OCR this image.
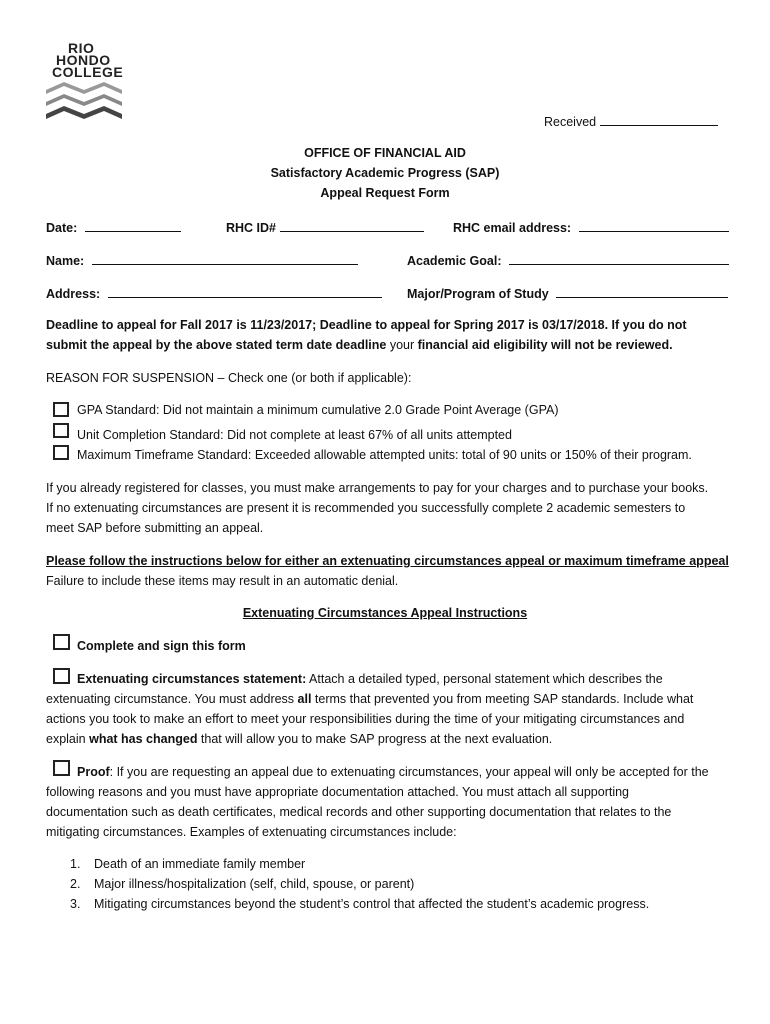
RIO
HONDO
COLLEGE
Received
OFFICE OF FINANCIAL AID
Satisfactory Academic Progress (SAP)
Appeal Request Form
Date:	RHC ID#	RHC email address:
Name:	Academic Goal:
Address:	Major/Program of Study
Deadline to appeal for Fall 2017 is 11/23/2017; Deadline to appeal for Spring 2017 is 03/17/2018. If you do not
submit the appeal by the above stated term date deadline your financial aid eligibility will not be reviewed.
REASON FOR SUSPENSION – Check one (or both if applicable):
GPA Standard: Did not maintain a minimum cumulative 2.0 Grade Point Average (GPA)
Unit Completion Standard: Did not complete at least 67% of all units attempted
Maximum Timeframe Standard: Exceeded allowable attempted units: total of 90 units or 150% of their program.
If you already registered for classes, you must make arrangements to pay for your charges and to purchase your books.
If no extenuating circumstances are present it is recommended you successfully complete 2 academic semesters to
meet SAP before submitting an appeal.
Please follow the instructions below for either an extenuating circumstances appeal or maximum timeframe appeal
Failure to include these items may result in an automatic denial.
Extenuating Circumstances Appeal Instructions
Complete and sign this form
Extenuating circumstances statement: Attach a detailed typed, personal statement which describes the
extenuating circumstance. You must address all terms that prevented you from meeting SAP standards. Include what
actions you took to make an effort to meet your responsibilities during the time of your mitigating circumstances and
explain what has changed that will allow you to make SAP progress at the next evaluation.
Proof: If you are requesting an appeal due to extenuating circumstances, your appeal will only be accepted for the
following reasons and you must have appropriate documentation attached. You must attach all supporting
documentation such as death certificates, medical records and other supporting documentation that relates to the
mitigating circumstances. Examples of extenuating circumstances include:
1. Death of an immediate family member
2. Major illness/hospitalization (self, child, spouse, or parent)
3. Mitigating circumstances beyond the student’s control that affected the student’s academic progress.
